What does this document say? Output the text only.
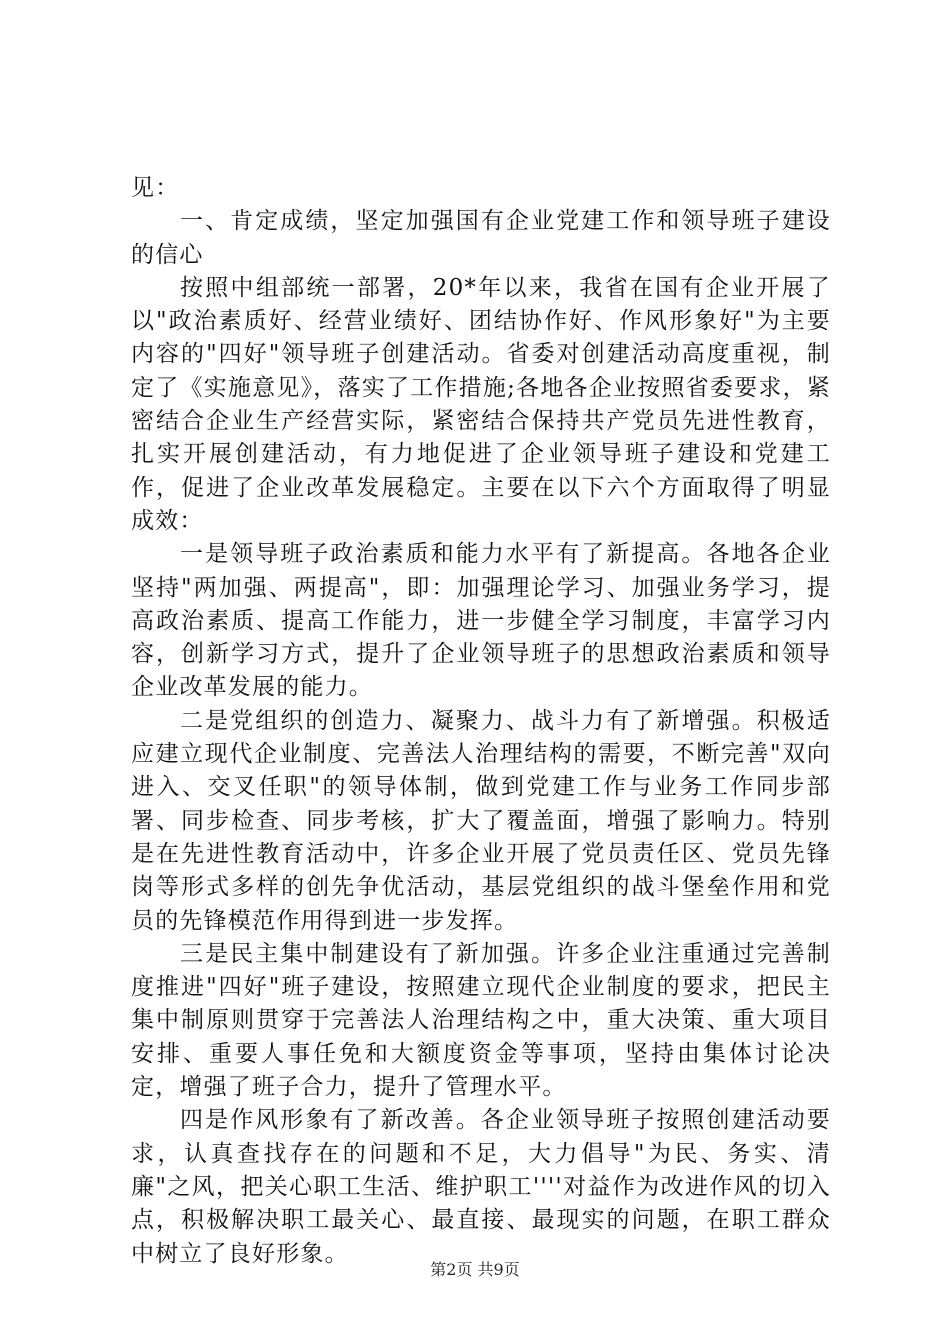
见：

一、肯定成绩，坚定加强国有企业党建工作和领导班子建设的信心

按照中组部统一部署，20*年以来，我省在国有企业开展了以"政治素质好、经营业绩好、团结协作好、作风形象好"为主要内容的"四好"领导班子创建活动。省委对创建活动高度重视，制定了《实施意见》，落实了工作措施;各地各企业按照省委要求，紧密结合企业生产经营实际，紧密结合保持共产党员先进性教育，扎实开展创建活动，有力地促进了企业领导班子建设和党建工作，促进了企业改革发展稳定。主要在以下六个方面取得了明显成效：

一是领导班子政治素质和能力水平有了新提高。各地各企业坚持"两加强、两提高"，即：加强理论学习、加强业务学习，提高政治素质、提高工作能力，进一步健全学习制度，丰富学习内容，创新学习方式，提升了企业领导班子的思想政治素质和领导企业改革发展的能力。

二是党组织的创造力、凝聚力、战斗力有了新增强。积极适应建立现代企业制度、完善法人治理结构的需要，不断完善"双向进入、交叉任职"的领导体制，做到党建工作与业务工作同步部署、同步检查、同步考核，扩大了覆盖面，增强了影响力。特别是在先进性教育活动中，许多企业开展了党员责任区、党员先锋岗等形式多样的创先争优活动，基层党组织的战斗堡垒作用和党员的先锋模范作用得到进一步发挥。

三是民主集中制建设有了新加强。许多企业注重通过完善制度推进"四好"班子建设，按照建立现代企业制度的要求，把民主集中制原则贯穿于完善法人治理结构之中，重大决策、重大项目安排、重要人事任免和大额度资金等事项，坚持由集体讨论决定，增强了班子合力，提升了管理水平。

四是作风形象有了新改善。各企业领导班子按照创建活动要求，认真查找存在的问题和不足，大力倡导"为民、务实、清廉"之风，把关心职工生活、维护职工''''对益作为改进作风的切入点，积极解决职工最关心、最直接、最现实的问题，在职工群众中树立了良好形象。

第2页 共9页
